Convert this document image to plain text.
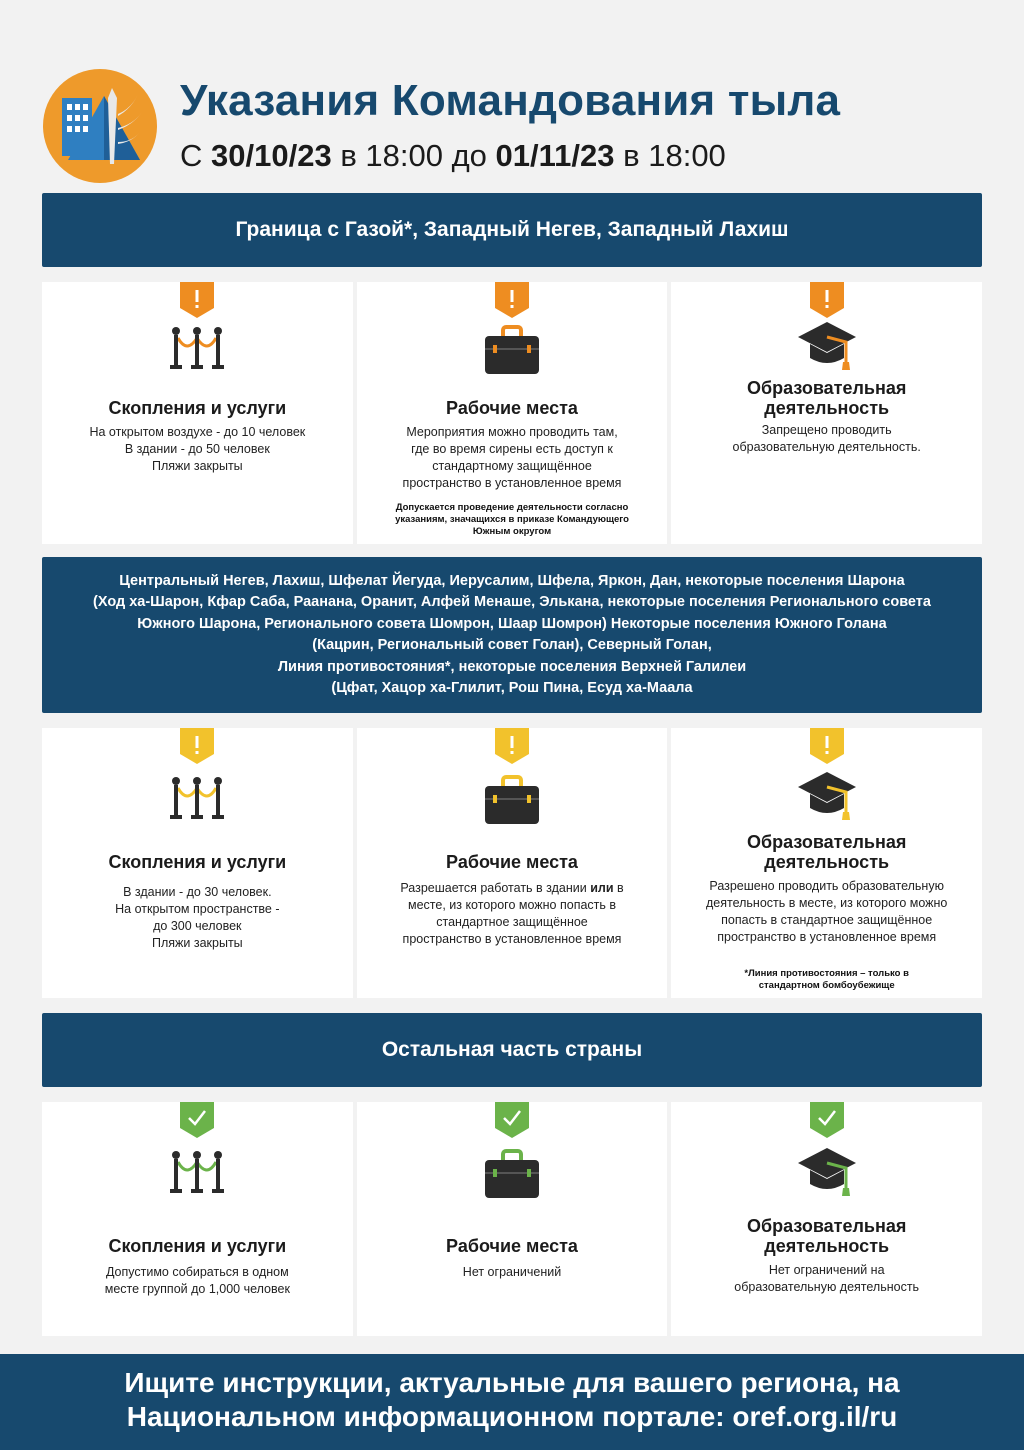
Указания Командования тыла
С 30/10/23 в 18:00 до 01/11/23 в 18:00
Граница с Газой*, Западный Негев, Западный Лахиш
Скопления и услуги
На открытом воздухе - до 10 человек
В здании - до 50 человек
Пляжи закрыты
Рабочие места
Мероприятия можно проводить там,
где во время сирены есть доступ к
стандартному защищённое
пространство в установленное время
Допускается проведение деятельности согласно
указаниям, значащихся в приказе Командующего
Южным округом
Образовательная
деятельность
Запрещено проводить
образовательную деятельность.
Центральный Негев, Лахиш, Шфелат Йегуда, Иерусалим, Шфела, Яркон, Дан, некоторые поселения Шарона
(Ход ха-Шарон, Кфар Саба, Раанана, Оранит, Алфей Менаше, Элькана, некоторые поселения Регионального совета
Южного Шарона, Регионального совета Шомрон, Шаар Шомрон) Некоторые поселения Южного Голана
(Кацрин, Региональный совет Голан), Северный Голан,
Линия противостояния*, некоторые поселения Верхней Галилеи
(Цфат, Хацор ха-Глилит, Рош Пина, Есуд ха-Маала
Скопления и услуги
В здании - до 30 человек.
На открытом пространстве -
до 300 человек
Пляжи закрыты
Рабочие места
Разрешается работать в здании или в
месте, из которого можно попасть в
стандартное защищённое
пространство в установленное время
Образовательная
деятельность
Разрешено проводить образовательную
деятельность в месте, из которого можно
попасть в стандартное защищённое
пространство в установленное время
*Линия противостояния – только в
стандартном бомбоубежище
Остальная часть страны
Скопления и услуги
Допустимо собираться в одном
месте группой до 1,000 человек
Рабочие места
Нет ограничений
Образовательная
деятельность
Нет ограничений на
образовательную деятельность
Ищите инструкции, актуальные для вашего региона, на
Национальном информационном портале: oref.org.il/ru
